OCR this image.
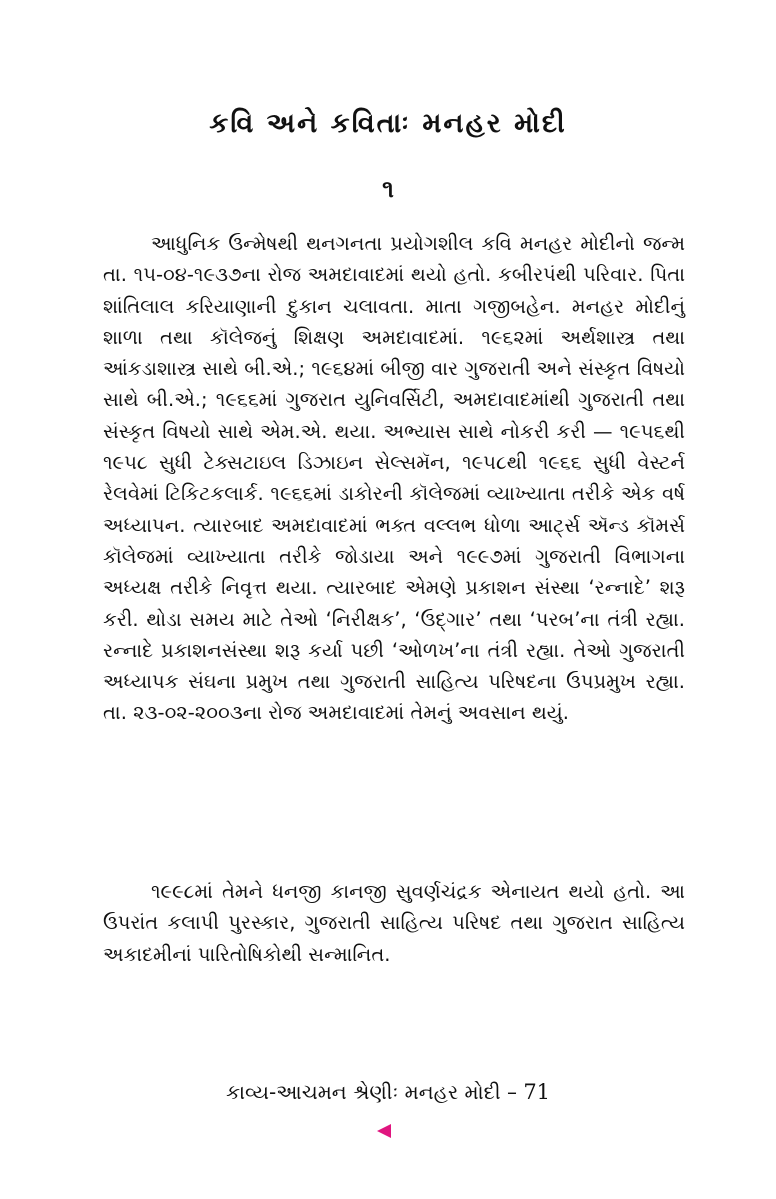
કવિ અને કવિતાઃ મનહર મોદી

૧

આધુનિક ઉન્મેષથી થનગનતા પ્રયોગશીલ કવિ મનહર મોદીનો જન્મ તા. ૧૫-૦૪-૧૯૩૭ના રોજ અમદાવાદમાં થયો હતો. કબીરપંથી પરિવાર. પિતા શાંતિલાલ કરિયાણાની દુકાન ચલાવતા. માતા ગજીબહેન. મનહર મોદીનું શાળા તથા કૉલેજનું શિક્ષણ અમદાવાદમાં. ૧૯૬૨માં અર્થશાસ્ત્ર તથા આંકડાશાસ્ત્ર સાથે બી.એ.; ૧૯૬૪માં બીજી વાર ગુજરાતી અને સંસ્કૃત વિષયો સાથે બી.એ.; ૧૯૬૬માં ગુજરાત યુનિવર્સિટી, અમદાવાદમાંથી ગુજરાતી તથા સંસ્કૃત વિષયો સાથે એમ.એ. થયા. અભ્યાસ સાથે નોકરી કરી — ૧૯૫૬થી ૧૯૫૮ સુધી ટેક્સટાઇલ ડિઝાઇન સેલ્સમૅન, ૧૯૫૮થી ૧૯૬૬ સુધી વેસ્ટર્ન રેલવેમાં ટિકિટકલાર્ક. ૧૯૬૬માં ડાકોરની કૉલેજમાં વ્યાખ્યાતા તરીકે એક વર્ષ અધ્યાપન. ત્યારબાદ અમદાવાદમાં ભક્ત વલ્લભ ધોળા આર્ટ્સ ઍન્ડ કૉમર્સ કૉલેજમાં વ્યાખ્યાતા તરીકે જોડાયા અને ૧૯૯૭માં ગુજરાતી વિભાગના અધ્યક્ષ તરીકે નિવૃત્ત થયા. ત્યારબાદ એમણે પ્રકાશન સંસ્થા ‘રન્નાદે’ શરૂ કરી. થોડા સમય માટે તેઓ ‘નિરીક્ષક’, ‘ઉદ્‌ગાર’ તથા ‘પરબ’ના તંત્રી રહ્યા. રન્નાદે પ્રકાશનસંસ્થા શરૂ કર્યા પછી ‘ઓળખ’ના તંત્રી રહ્યા. તેઓ ગુજરાતી અધ્યાપક સંઘના પ્રમુખ તથા ગુજરાતી સાહિત્ય પરિષદના ઉપપ્રમુખ રહ્યા. તા. ૨૩-૦૨-૨૦૦૩ના રોજ અમદાવાદમાં તેમનું અવસાન થયું.

૧૯૯૮માં તેમને ધનજી કાનજી સુવર્ણચંદ્રક એનાયત થયો હતો. આ ઉપરાંત કલાપી પુરસ્કાર, ગુજરાતી સાહિત્ય પરિષદ તથા ગુજરાત સાહિત્ય અકાદમીનાં પારિતોષિકોથી સન્માનિત.

કાવ્ય-આચમન શ્રેણીઃ મનહર મોદી – 71
